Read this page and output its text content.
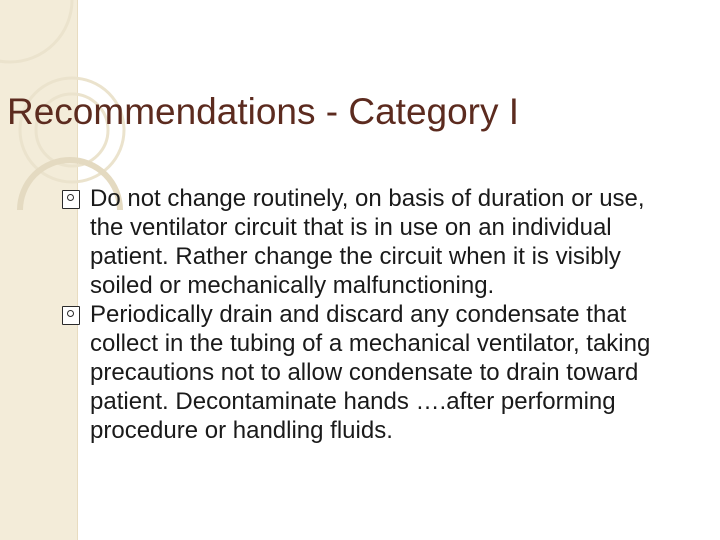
Recommendations - Category I
Do not change routinely, on basis of duration or use, the ventilator circuit that is in use on an individual patient. Rather change the circuit when it is visibly soiled or mechanically malfunctioning.
Periodically drain and discard any condensate that collect in the tubing of a mechanical ventilator, taking precautions not to allow condensate to drain toward patient. Decontaminate hands ….after performing procedure or handling fluids.
